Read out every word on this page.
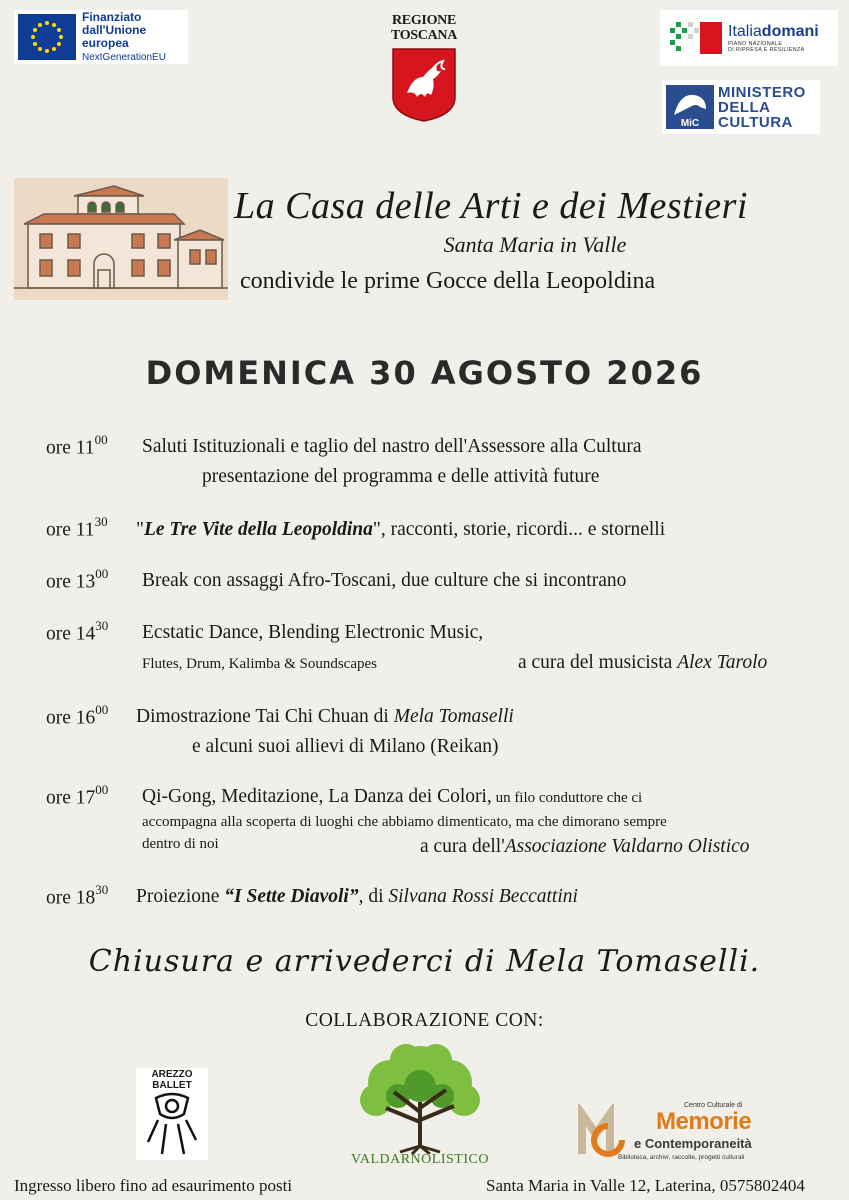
Finanziato
dall'Unione europea
NextGenerationEU
REGIONE
TOSCANA	Italiadomani
PIANO NAZIONALE
DI RIPRESA E RESILIENZA
MiC
MINISTERO
DELLA
CULTURA
La Casa delle Arti e dei Mestieri
Santa Maria in Valle
condivide le prime Gocce della Leopoldina
DOMENICA 30 AGOSTO 2026
ore $11^{00}$ Saluti Istituzionali e taglio del nastro dell'Assessore alla Cultura
presentazione del programma e delle attività future
ore $11^{30}$ "Le Tre Vite della Leopoldina", racconti, storie, ricordi... e stornelli
ore $13^{00}$ Break con assaggi Afro-Toscani, due culture che si incontrano
ore $14^{30}$ Ecstatic Dance, Blending Electronic Music,
Flutes, Drum, Kalimba & Soundscapes	a cura del musicista Alex Tarolo
ore $16^{00}$ Dimostrazione Tai Chi Chuan di Mela Tomaselli
e alcuni suoi allievi di Milano (Reikan)
ore $17^{00}$ Qi-Gong, Meditazione, La Danza dei Colori, un filo conduttore che ci
accompagna alla scoperta di luoghi che abbiamo dimenticato, ma che dimorano sempre
dentro di noi	a cura dell'Associazione Valdarno Olistico
ore $18^{30}$ Proiezione “I Sette Diavoli”, di Silvana Rossi Beccattini
Chiusura e arrivederci di Mela Tomaselli.
COLLABORAZIONE CON:
AREZZO
BALLET
VALDARNOLISTICO
Centro Culturale di
Memorie
e Contemporaneità
Biblioteca, archivi, raccolte, progetti culturali
Ingresso libero fino ad esaurimento posti	Santa Maria in Valle 12, Laterina, 0575802404
